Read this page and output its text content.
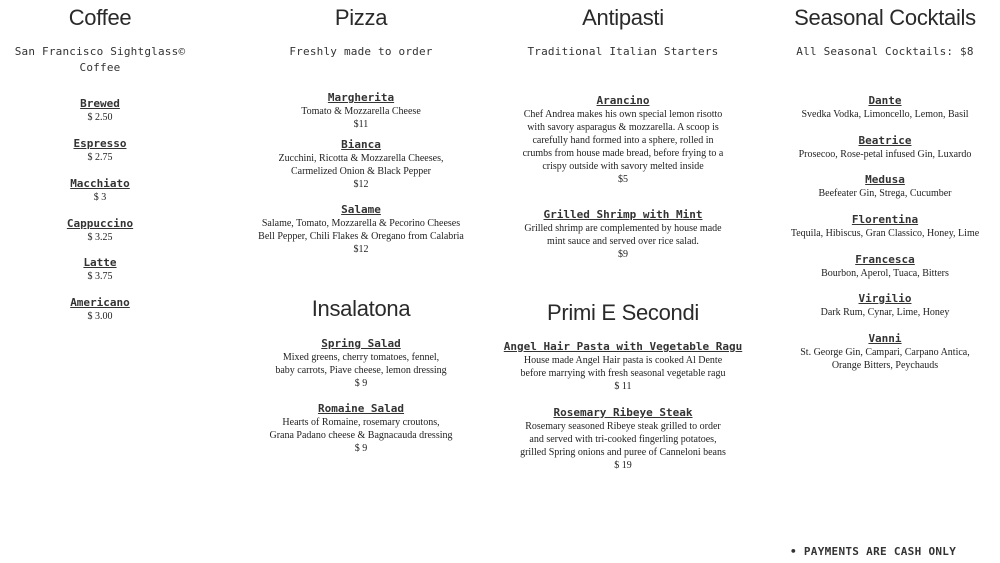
Coffee
San Francisco Sightglass© Coffee
Brewed
$ 2.50
Espresso
$ 2.75
Macchiato
$ 3
Cappuccino
$ 3.25
Latte
$ 3.75
Americano
$ 3.00
Pizza
Freshly made to order
Margherita
Tomato & Mozzarella Cheese
$11
Bianca
Zucchini, Ricotta & Mozzarella Cheeses,
Carmelized Onion & Black Pepper
$12
Salame
Salame, Tomato, Mozzarella & Pecorino Cheeses
Bell Pepper, Chili Flakes & Oregano from Calabria
$12
Insalatona
Spring Salad
Mixed greens, cherry tomatoes, fennel,
baby carrots, Piave cheese, lemon dressing
$ 9
Romaine Salad
Hearts of Romaine, rosemary croutons,
Grana Padano cheese & Bagnacauda dressing
$ 9
Antipasti
Traditional Italian Starters
Arancino
Chef Andrea makes his own special lemon risotto
with savory asparagus & mozzarella. A scoop is
carefully hand formed into a sphere, rolled in
crumbs from house made bread, before frying to a
crispy outside with savory melted inside
$5
Grilled Shrimp with Mint
Grilled shrimp are complemented by house made
mint sauce and served over rice salad.
$9
Primi E Secondi
Angel Hair Pasta with Vegetable Ragu
House made Angel Hair pasta is cooked Al Dente
before marrying with fresh seasonal vegetable ragu
$ 11
Rosemary Ribeye Steak
Rosemary seasoned Ribeye steak grilled to order
and served with tri-cooked fingerling potatoes,
grilled Spring onions and puree of Canneloni beans
$ 19
Seasonal Cocktails
All Seasonal Cocktails: $8
Dante
Svedka Vodka, Limoncello, Lemon, Basil
Beatrice
Prosecoo, Rose-petal infused Gin, Luxardo
Medusa
Beefeater Gin, Strega, Cucumber
Florentina
Tequila, Hibiscus, Gran Classico, Honey, Lime
Francesca
Bourbon, Aperol, Tuaca, Bitters
Virgilio
Dark Rum, Cynar, Lime, Honey
Vanni
St. George Gin, Campari, Carpano Antica,
Orange Bitters, Peychauds
• PAYMENTS ARE CASH ONLY
